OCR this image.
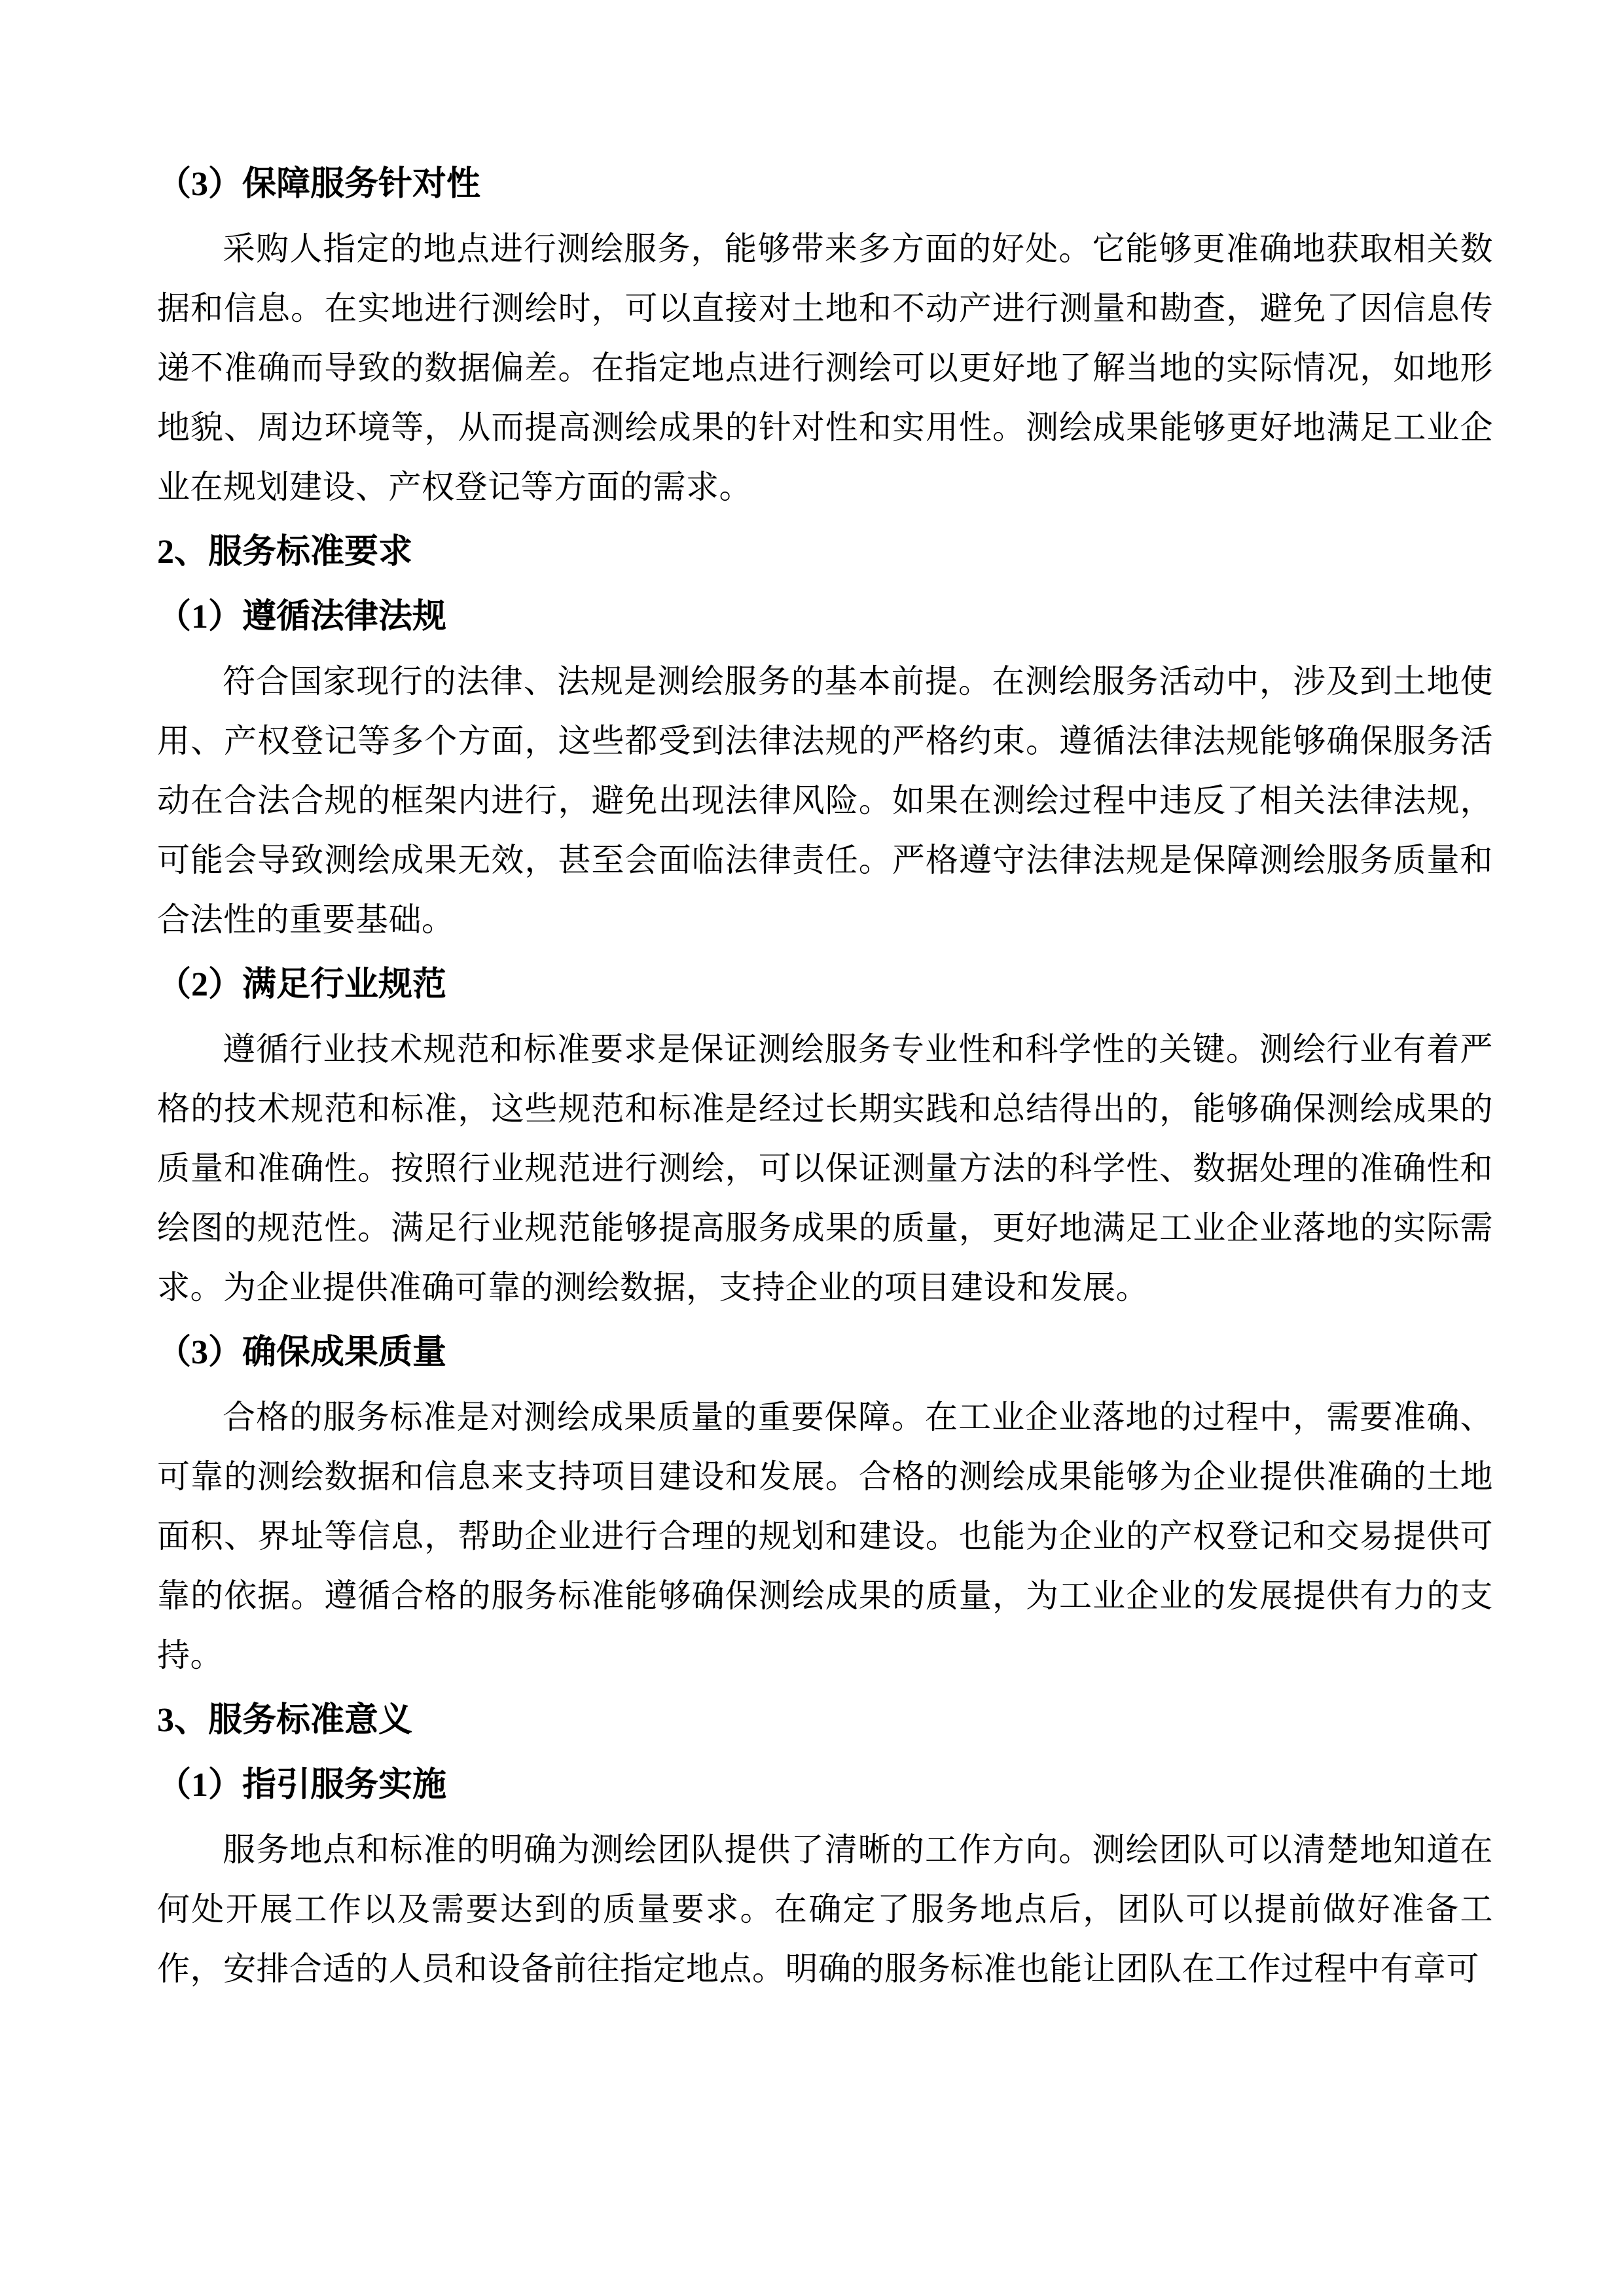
（3）保障服务针对性

采购人指定的地点进行测绘服务，能够带来多方面的好处。它能够更准确地获取相关数据和信息。在实地进行测绘时，可以直接对土地和不动产进行测量和勘查，避免了因信息传递不准确而导致的数据偏差。在指定地点进行测绘可以更好地了解当地的实际情况，如地形地貌、周边环境等，从而提高测绘成果的针对性和实用性。测绘成果能够更好地满足工业企业在规划建设、产权登记等方面的需求。

2、服务标准要求
（1）遵循法律法规

符合国家现行的法律、法规是测绘服务的基本前提。在测绘服务活动中，涉及到土地使用、产权登记等多个方面，这些都受到法律法规的严格约束。遵循法律法规能够确保服务活动在合法合规的框架内进行，避免出现法律风险。如果在测绘过程中违反了相关法律法规，可能会导致测绘成果无效，甚至会面临法律责任。严格遵守法律法规是保障测绘服务质量和合法性的重要基础。

（2）满足行业规范

遵循行业技术规范和标准要求是保证测绘服务专业性和科学性的关键。测绘行业有着严格的技术规范和标准，这些规范和标准是经过长期实践和总结得出的，能够确保测绘成果的质量和准确性。按照行业规范进行测绘，可以保证测量方法的科学性、数据处理的准确性和绘图的规范性。满足行业规范能够提高服务成果的质量，更好地满足工业企业落地的实际需求。为企业提供准确可靠的测绘数据，支持企业的项目建设和发展。

（3）确保成果质量

合格的服务标准是对测绘成果质量的重要保障。在工业企业落地的过程中，需要准确、可靠的测绘数据和信息来支持项目建设和发展。合格的测绘成果能够为企业提供准确的土地面积、界址等信息，帮助企业进行合理的规划和建设。也能为企业的产权登记和交易提供可靠的依据。遵循合格的服务标准能够确保测绘成果的质量，为工业企业的发展提供有力的支持。

3、服务标准意义
（1）指引服务实施

服务地点和标准的明确为测绘团队提供了清晰的工作方向。测绘团队可以清楚地知道在何处开展工作以及需要达到的质量要求。在确定了服务地点后，团队可以提前做好准备工作，安排合适的人员和设备前往指定地点。明确的服务标准也能让团队在工作过程中有章可
